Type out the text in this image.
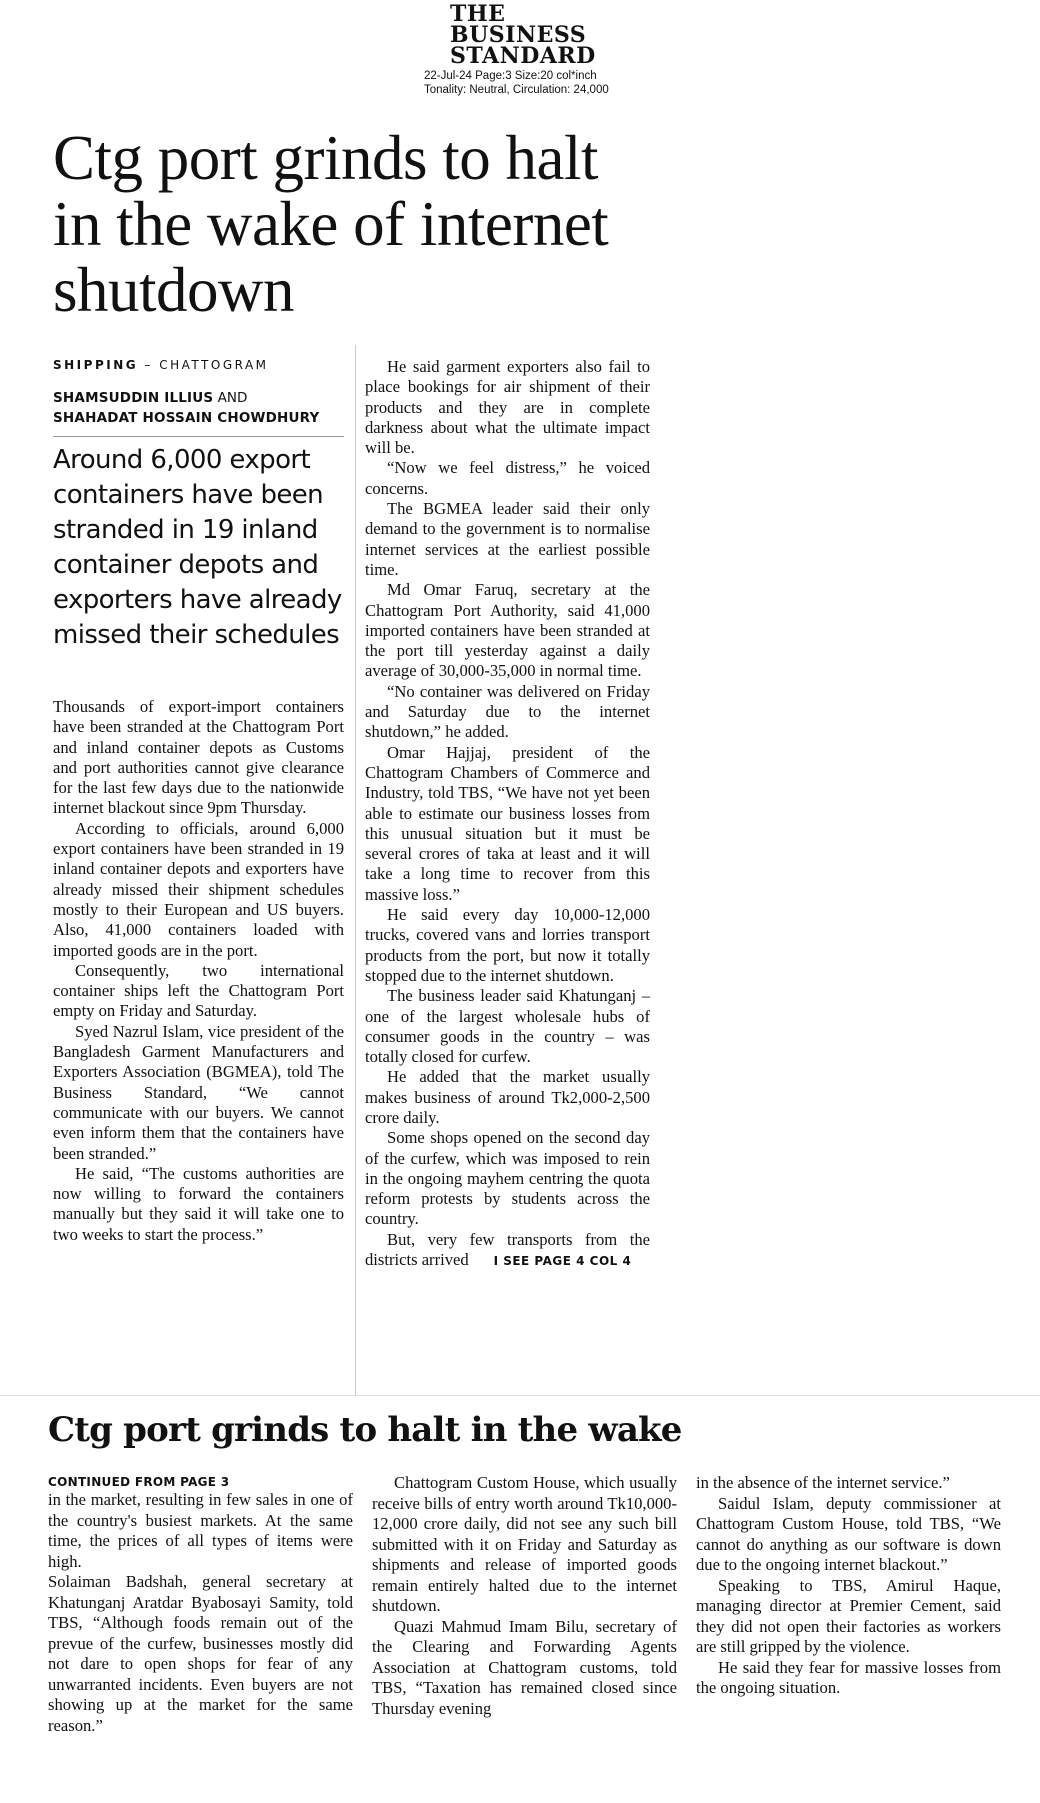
THE
BUSINESS
STANDARD
22-Jul-24 Page:3 Size:20 col*inch
Tonality: Neutral, Circulation: 24,000
Ctg port grinds to halt in the wake of internet shutdown
SHIPPING – CHATTOGRAM
SHAMSUDDIN ILLIUS AND
SHAHADAT HOSSAIN CHOWDHURY
Around 6,000 export containers have been stranded in 19 inland container depots and exporters have already missed their schedules

Thousands of export-import containers have been stranded at the Chattogram Port and inland container depots as Customs and port authorities cannot give clearance for the last few days due to the nationwide internet blackout since 9pm Thursday.

According to officials, around 6,000 export containers have been stranded in 19 inland container depots and exporters have already missed their shipment schedules mostly to their European and US buyers. Also, 41,000 containers loaded with imported goods are in the port.

Consequently, two international container ships left the Chattogram Port empty on Friday and Saturday.

Syed Nazrul Islam, vice president of the Bangladesh Garment Manufacturers and Exporters Association (BGMEA), told The Business Standard, “We cannot communicate with our buyers. We cannot even inform them that the containers have been stranded.”

He said, “The customs authorities are now willing to forward the containers manually but they said it will take one to two weeks to start the process.”

He said garment exporters also fail to place bookings for air shipment of their products and they are in complete darkness about what the ultimate impact will be.

“Now we feel distress,” he voiced concerns.

The BGMEA leader said their only demand to the government is to normalise internet services at the earliest possible time.

Md Omar Faruq, secretary at the Chattogram Port Authority, said 41,000 imported containers have been stranded at the port till yesterday against a daily average of 30,000-35,000 in normal time.

“No container was delivered on Friday and Saturday due to the internet shutdown,” he added.

Omar Hajjaj, president of the Chattogram Chambers of Commerce and Industry, told TBS, “We have not yet been able to estimate our business losses from this unusual situation but it must be several crores of taka at least and it will take a long time to recover from this massive loss.”

He said every day 10,000-12,000 trucks, covered vans and lorries transport products from the port, but now it totally stopped due to the internet shutdown.

The business leader said Khatunganj – one of the largest wholesale hubs of consumer goods in the country – was totally closed for curfew.

He added that the market usually makes business of around Tk2,000-2,500 crore daily.

Some shops opened on the second day of the curfew, which was imposed to rein in the ongoing mayhem centring the quota reform protests by students across the country.

But, very few transports from the districts arrived I SEE PAGE 4 COL 4

Ctg port grinds to halt in the wake
CONTINUED FROM PAGE 3

in the market, resulting in few sales in one of the country's busiest markets. At the same time, the prices of all types of items were high.

Solaiman Badshah, general secretary at Khatunganj Aratdar Byabosayi Samity, told TBS, “Although foods remain out of the prevue of the curfew, businesses mostly did not dare to open shops for fear of any unwarranted incidents. Even buyers are not showing up at the market for the same reason.”

Chattogram Custom House, which usually receive bills of entry worth around Tk10,000-12,000 crore daily, did not see any such bill submitted with it on Friday and Saturday as shipments and release of imported goods remain entirely halted due to the internet shutdown.

Quazi Mahmud Imam Bilu, secretary of the Clearing and Forwarding Agents Association at Chattogram customs, told TBS, “Taxation has remained closed since Thursday evening

in the absence of the internet service.”

Saidul Islam, deputy commissioner at Chattogram Custom House, told TBS, “We cannot do anything as our software is down due to the ongoing internet blackout.”

Speaking to TBS, Amirul Haque, managing director at Premier Cement, said they did not open their factories as workers are still gripped by the violence.

He said they fear for massive losses from the ongoing situation.
